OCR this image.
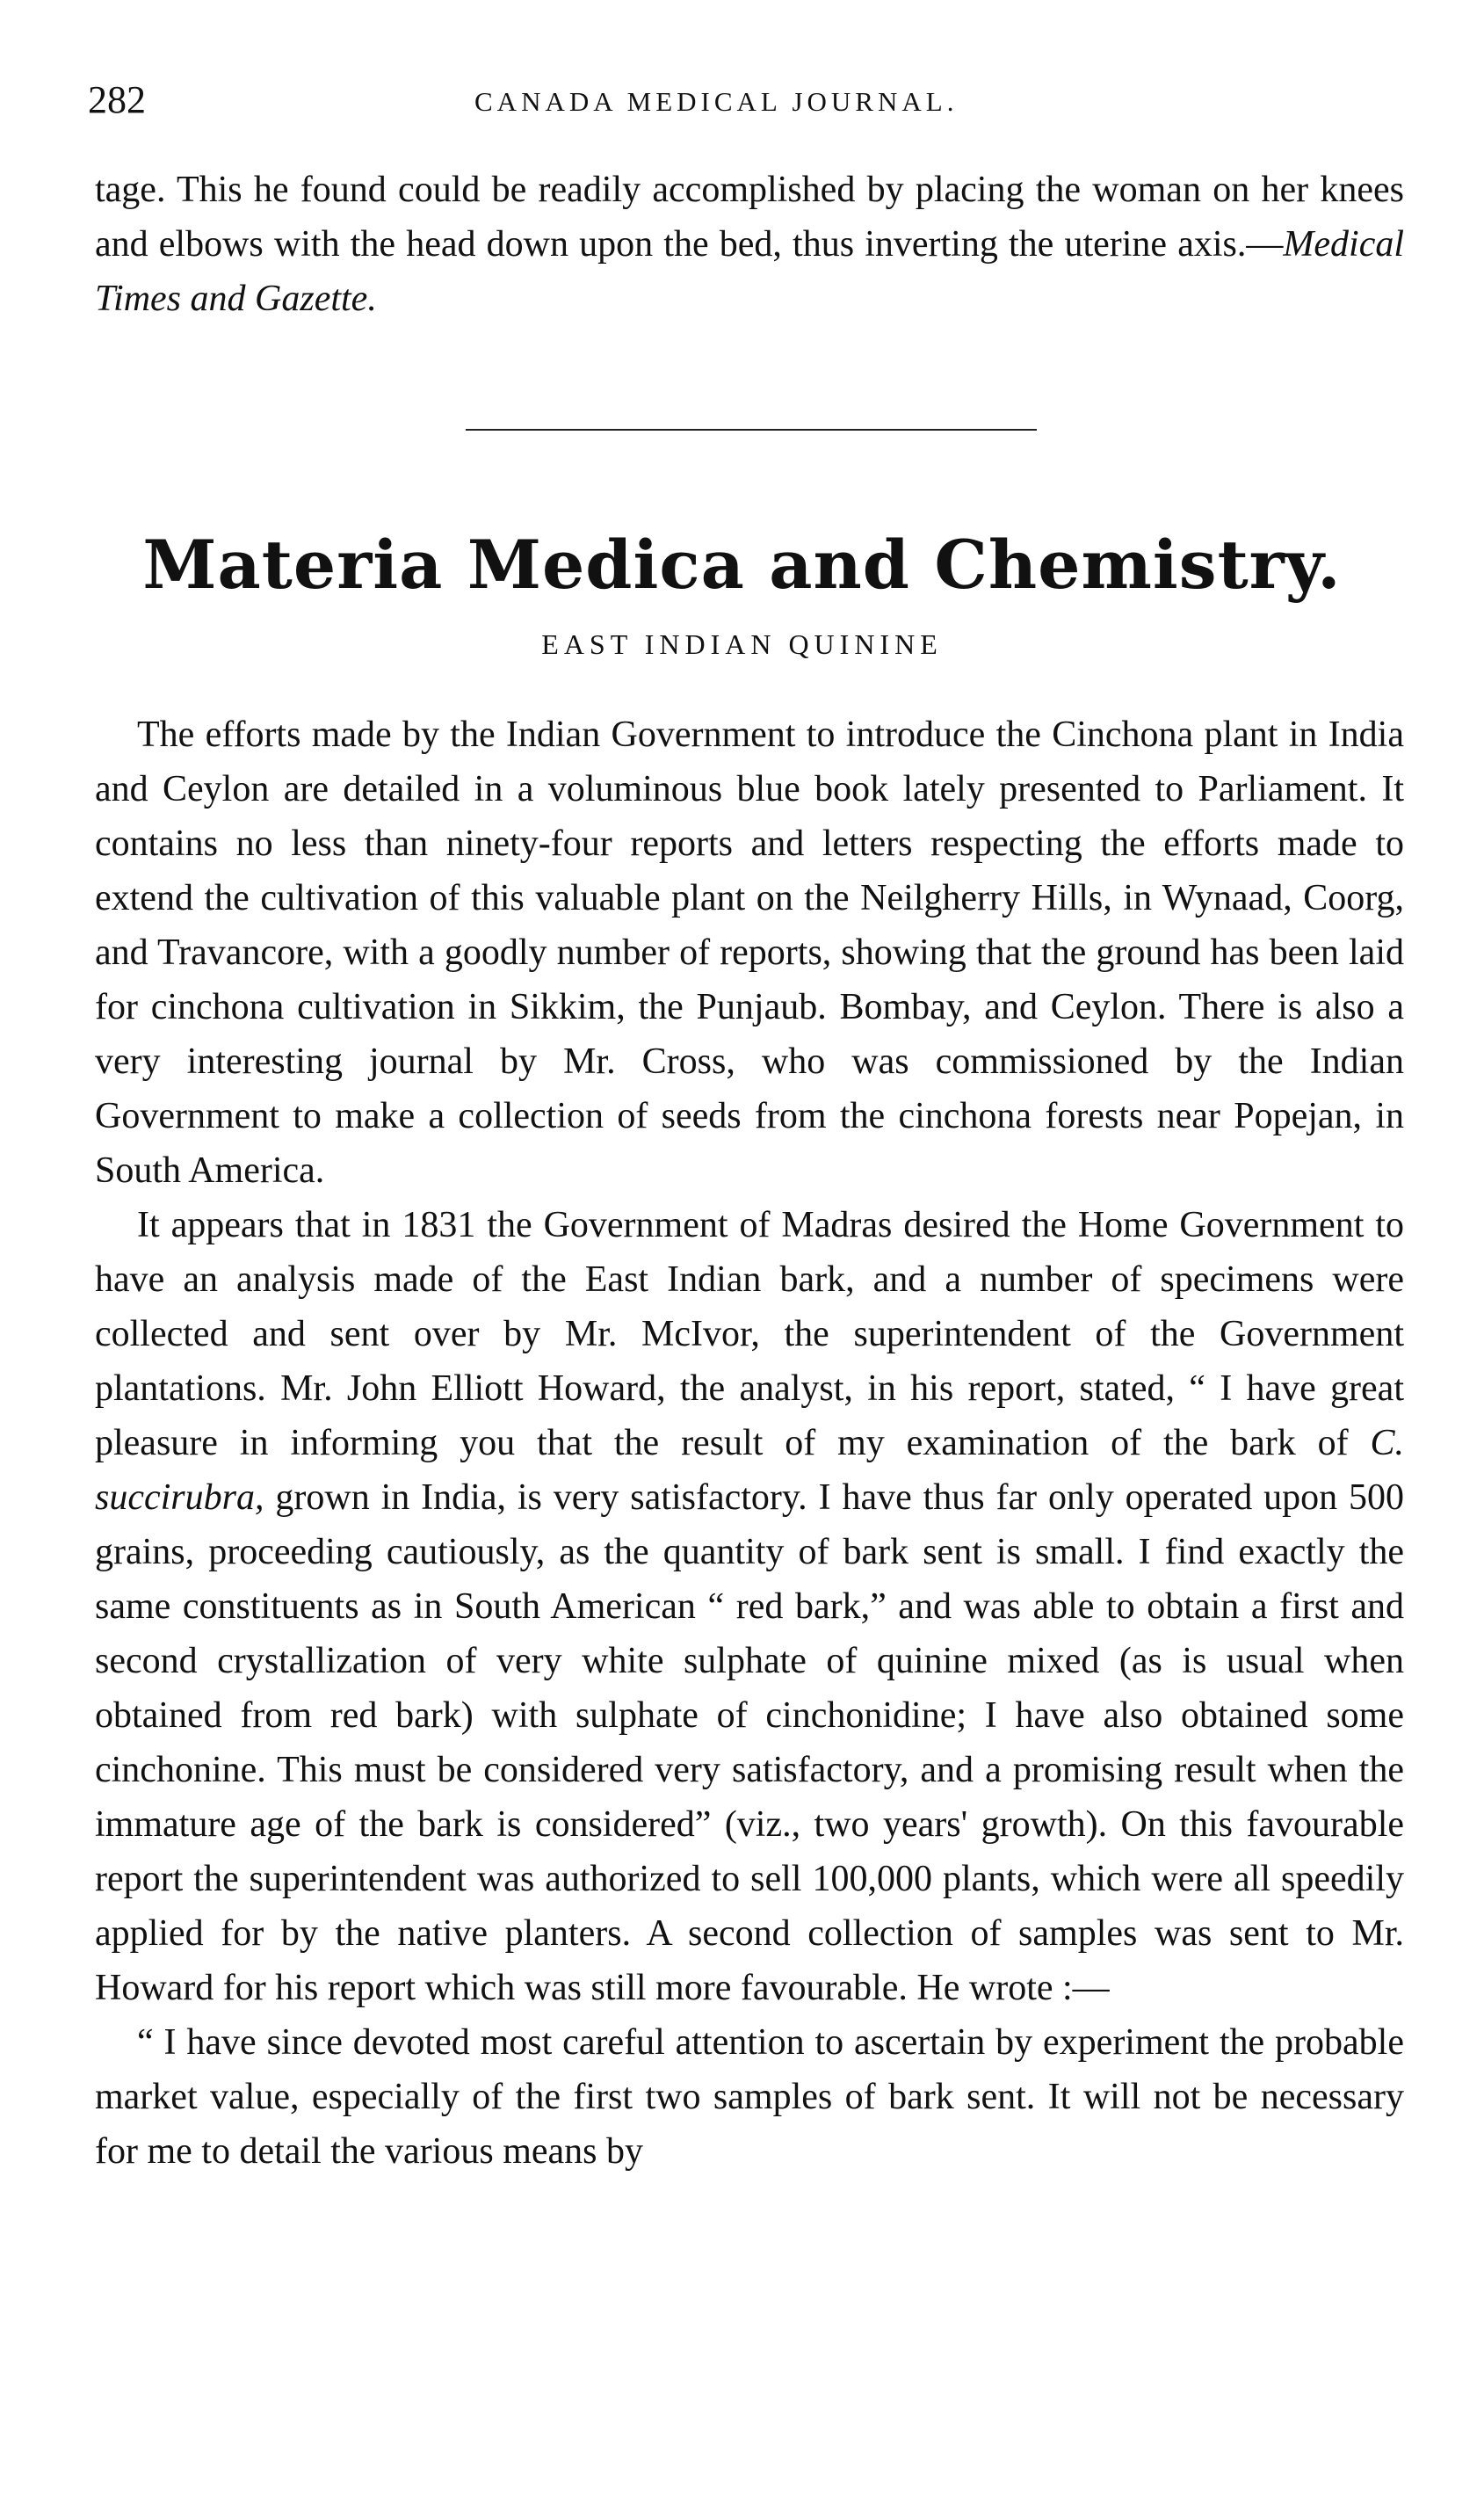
282	CANADA MEDICAL JOURNAL.

tage. This he found could be readily accomplished by placing the woman on her knees and elbows with the head down upon the bed, thus inverting the uterine axis.—Medical Times and Gazette.

Materia Medica and Chemistry.
EAST INDIAN QUININE

The efforts made by the Indian Government to introduce the Cinchona plant in India and Ceylon are detailed in a voluminous blue book lately presented to Parliament. It contains no less than ninety-four reports and letters respecting the efforts made to extend the cultivation of this valuable plant on the Neilgherry Hills, in Wynaad, Coorg, and Travancore, with a goodly number of reports, showing that the ground has been laid for cinchona cultivation in Sikkim, the Punjaub. Bombay, and Ceylon. There is also a very interesting journal by Mr. Cross, who was commissioned by the Indian Government to make a collection of seeds from the cinchona forests near Popejan, in South America.

It appears that in 1831 the Government of Madras desired the Home Government to have an analysis made of the East Indian bark, and a number of specimens were collected and sent over by Mr. McIvor, the superintendent of the Government plantations. Mr. John Elliott Howard, the analyst, in his report, stated, “ I have great pleasure in informing you that the result of my examination of the bark of C. succirubra, grown in India, is very satisfactory. I have thus far only operated upon 500 grains, proceeding cautiously, as the quantity of bark sent is small. I find exactly the same constituents as in South American “ red bark,” and was able to obtain a first and second crystallization of very white sulphate of quinine mixed (as is usual when obtained from red bark) with sulphate of cinchonidine; I have also obtained some cinchonine. This must be considered very satisfactory, and a promising result when the immature age of the bark is considered” (viz., two years' growth). On this favourable report the superintendent was authorized to sell 100,000 plants, which were all speedily applied for by the native planters. A second collection of samples was sent to Mr. Howard for his report which was still more favourable. He wrote :—

“ I have since devoted most careful attention to ascertain by experiment the probable market value, especially of the first two samples of bark sent. It will not be necessary for me to detail the various means by
